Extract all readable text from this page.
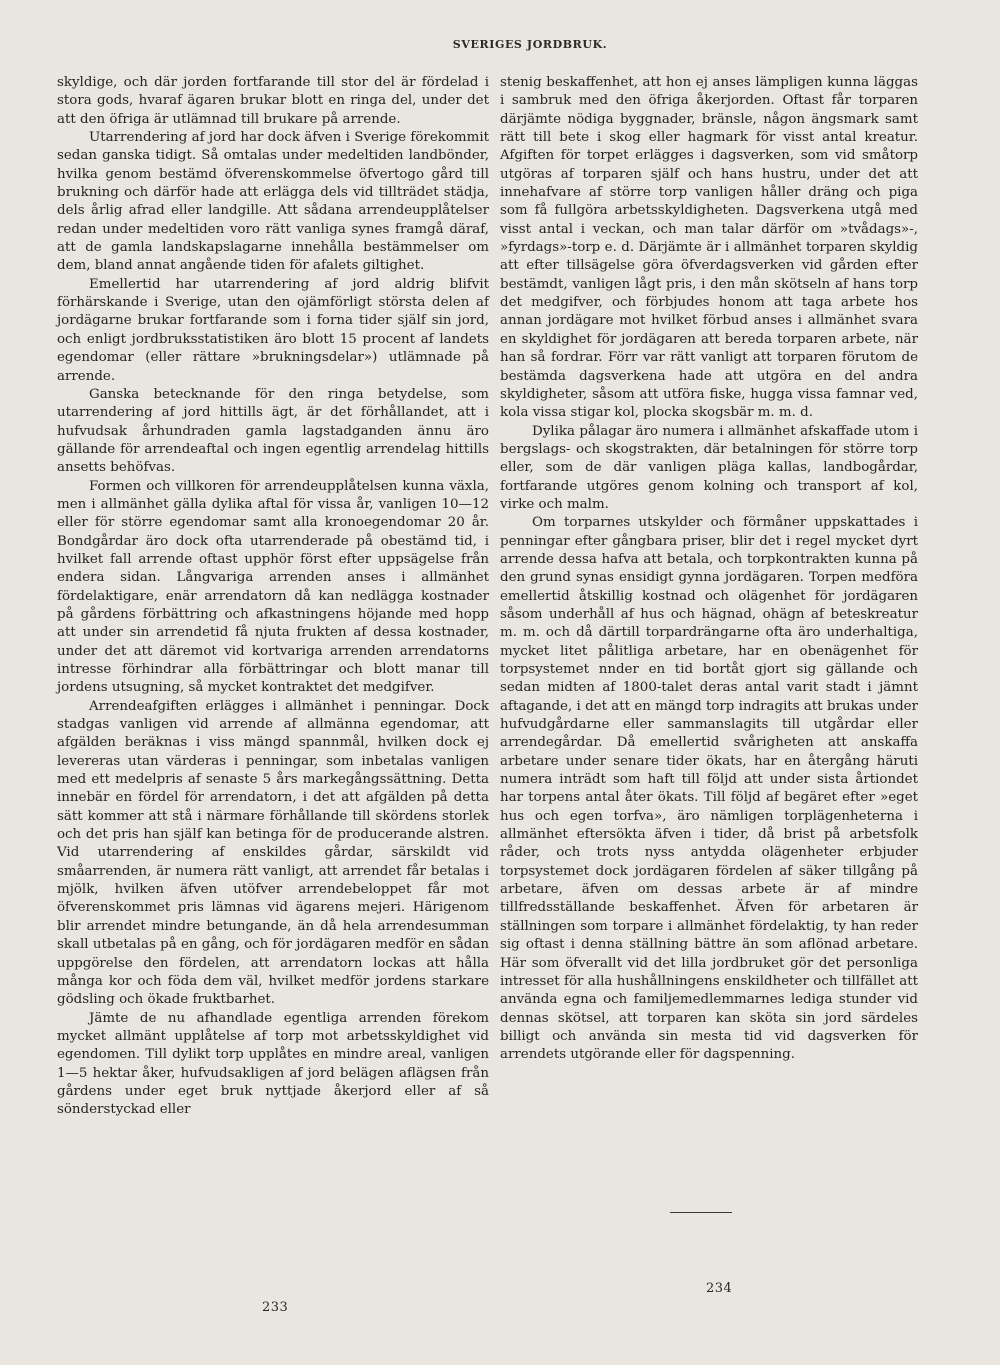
SVERIGES JORDBRUK.

skyldige, och där jorden fortfarande till stor del är fördelad i stora gods, hvaraf ägaren brukar blott en ringa del, under det att den öfriga är utlämnad till brukare på arrende.

Utarrendering af jord har dock äfven i Sverige förekommit sedan ganska tidigt. Så omtalas under medeltiden landbönder, hvilka genom bestämd öfverenskommelse öfvertogo gård till brukning och därför hade att erlägga dels vid tillträdet städja, dels årlig afrad eller landgille. Att sådana arrendeupplåtelser redan under medeltiden voro rätt vanliga synes framgå däraf, att de gamla landskapslagarne innehålla bestämmelser om dem, bland annat angående tiden för afalets giltighet.

Emellertid har utarrendering af jord aldrig blifvit förhärskande i Sverige, utan den ojämförligt största delen af jordägarne brukar fortfarande som i forna tider själf sin jord, och enligt jordbruksstatistiken äro blott 15 procent af landets egendomar (eller rättare »brukningsdelar») utlämnade på arrende.

Ganska betecknande för den ringa betydelse, som utarrendering af jord hittills ägt, är det förhållandet, att i hufvudsak århundraden gamla lagstadganden ännu äro gällande för arrendeaftal och ingen egentlig arrendelag hittills ansetts behöfvas.

Formen och villkoren för arrendeupplåtelsen kunna växla, men i allmänhet gälla dylika aftal för vissa år, vanligen 10—12 eller för större egendomar samt alla kronoegendomar 20 år. Bondgårdar äro dock ofta utarrenderade på obestämd tid, i hvilket fall arrende oftast upphör först efter uppsägelse från endera sidan. Långvariga arrenden anses i allmänhet fördelaktigare, enär arrendatorn då kan nedlägga kostnader på gårdens förbättring och afkastningens höjande med hopp att under sin arrendetid få njuta frukten af dessa kostnader, under det att däremot vid kortvariga arrenden arrendatorns intresse förhindrar alla förbättringar och blott manar till jordens utsugning, så mycket kontraktet det medgifver.

Arrendeafgiften erlägges i allmänhet i penningar. Dock stadgas vanligen vid arrende af allmänna egendomar, att afgälden beräknas i viss mängd spannmål, hvilken dock ej levereras utan värderas i penningar, som inbetalas vanligen med ett medelpris af senaste 5 års markegångssättning. Detta innebär en fördel för arrendatorn, i det att afgälden på detta sätt kommer att stå i närmare förhållande till skördens storlek och det pris han själf kan betinga för de producerande alstren. Vid utarrendering af enskildes gårdar, särskildt vid småarrenden, är numera rätt vanligt, att arrendet får betalas i mjölk, hvilken äfven utöfver arrendebeloppet får mot öfverenskommet pris lämnas vid ägarens mejeri. Härigenom blir arrendet mindre betungande, än då hela arrendesumman skall utbetalas på en gång, och för jordägaren medför en sådan uppgörelse den fördelen, att arrendatorn lockas att hålla många kor och föda dem väl, hvilket medför jordens starkare gödsling och ökade fruktbarhet.

Jämte de nu afhandlade egentliga arrenden förekom mycket allmänt upplåtelse af torp mot arbetsskyldighet vid egendomen. Till dylikt torp upplåtes en mindre areal, vanligen 1—5 hektar åker, hufvudsakligen af jord belägen aflägsen från gårdens under eget bruk nyttjade åkerjord eller af så sönderstyckad eller

stenig beskaffenhet, att hon ej anses lämpligen kunna läggas i sambruk med den öfriga åkerjorden. Oftast får torparen därjämte nödiga byggnader, bränsle, någon ängsmark samt rätt till bete i skog eller hagmark för visst antal kreatur. Afgiften för torpet erlägges i dagsverken, som vid småtorp utgöras af torparen själf och hans hustru, under det att innehafvare af större torp vanligen håller dräng och piga som få fullgöra arbetsskyldigheten. Dagsverkena utgå med visst antal i veckan, och man talar därför om »tvådags»-, »fyrdags»-torp e. d. Därjämte är i allmänhet torparen skyldig att efter tillsägelse göra öfverdagsverken vid gården efter bestämdt, vanligen lågt pris, i den mån skötseln af hans torp det medgifver, och förbjudes honom att taga arbete hos annan jordägare mot hvilket förbud anses i allmänhet svara en skyldighet för jordägaren att bereda torparen arbete, när han så fordrar. Förr var rätt vanligt att torparen förutom de bestämda dagsverkena hade att utgöra en del andra skyldigheter, såsom att utföra fiske, hugga vissa famnar ved, kola vissa stigar kol, plocka skogsbär m. m. d.

Dylika pålagar äro numera i allmänhet afskaffade utom i bergslags- och skogstrakten, där betalningen för större torp eller, som de där vanligen pläga kallas, landbogårdar, fortfarande utgöres genom kolning och transport af kol, virke och malm.

Om torparnes utskylder och förmåner uppskattades i penningar efter gångbara priser, blir det i regel mycket dyrt arrende dessa hafva att betala, och torpkontrakten kunna på den grund synas ensidigt gynna jordägaren. Torpen medföra emellertid åtskillig kostnad och olägenhet för jordägaren såsom underhåll af hus och hägnad, ohägn af beteskreatur m. m. och då därtill torpardrängarne ofta äro underhaltiga, mycket litet pålitliga arbetare, har en obenägenhet för torpsystemet nnder en tid bortåt gjort sig gällande och sedan midten af 1800-talet deras antal varit stadt i jämnt aftagande, i det att en mängd torp indragits att brukas under hufvudgårdarne eller sammanslagits till utgårdar eller arrendegårdar. Då emellertid svårigheten att anskaffa arbetare under senare tider ökats, har en återgång häruti numera inträdt som haft till följd att under sista årtiondet har torpens antal åter ökats. Till följd af begäret efter »eget hus och egen torfva», äro nämligen torplägenheterna i allmänhet eftersökta äfven i tider, då brist på arbetsfolk råder, och trots nyss antydda olägenheter erbjuder torpsystemet dock jordägaren fördelen af säker tillgång på arbetare, äfven om dessas arbete är af mindre tillfredsställande beskaffenhet. Äfven för arbetaren är ställningen som torpare i allmänhet fördelaktig, ty han reder sig oftast i denna ställning bättre än som aflönad arbetare. Här som öfverallt vid det lilla jordbruket gör det personliga intresset för alla hushållningens enskildheter och tillfället att använda egna och familjemedlemmarnes lediga stunder vid dennas skötsel, att torparen kan sköta sin jord särdeles billigt och använda sin mesta tid vid dagsverken för arrendets utgörande eller för dagspenning.

233
234
